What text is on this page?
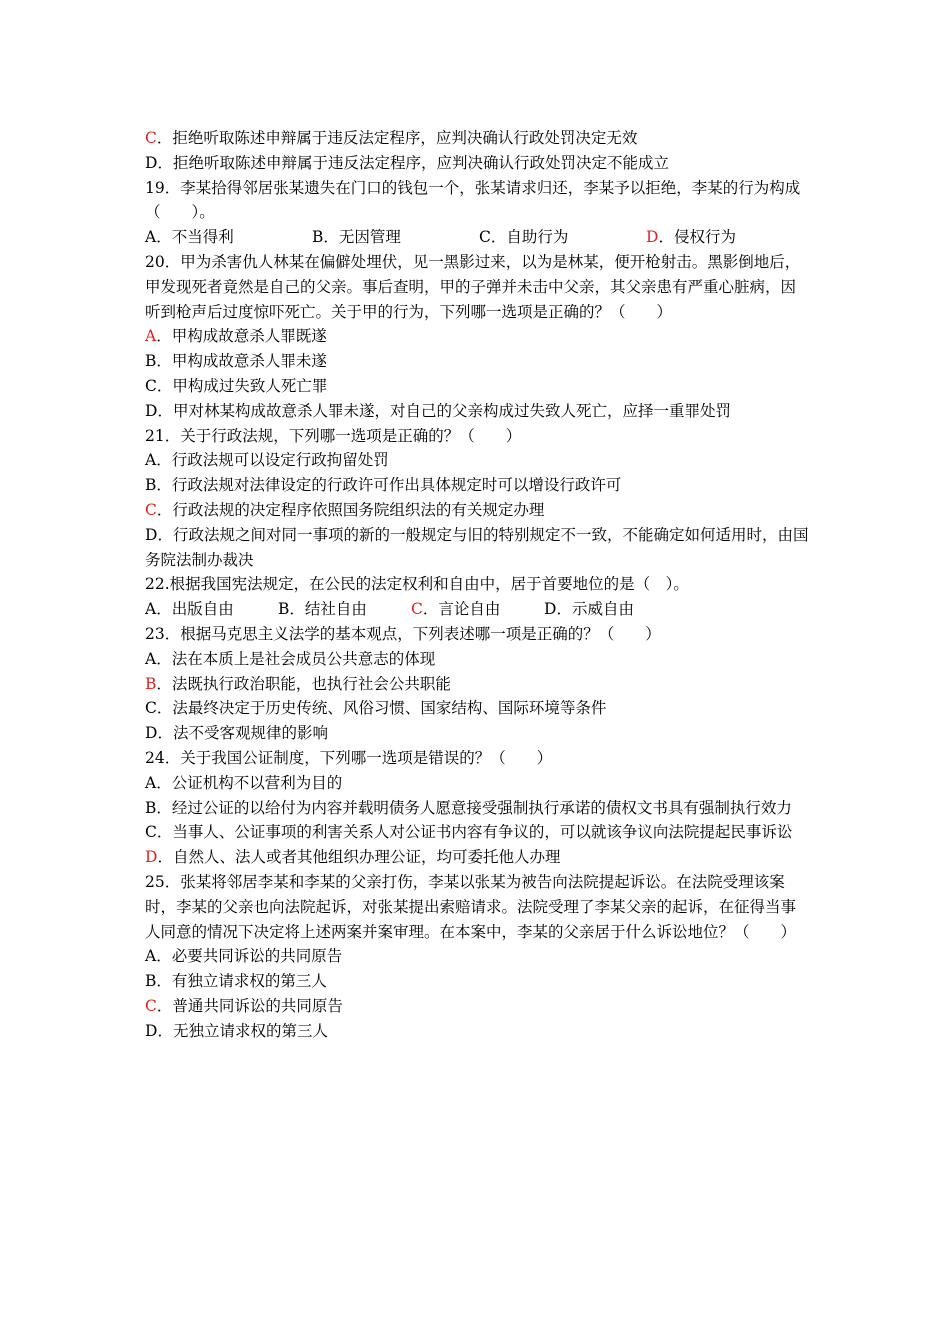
C．拒绝听取陈述申辩属于违反法定程序，应判决确认行政处罚决定无效
D．拒绝听取陈述申辩属于违反法定程序，应判决确认行政处罚决定不能成立
19．李某拾得邻居张某遗失在门口的钱包一个，张某请求归还，李某予以拒绝，李某的行为构成（　　）。
A．不当得利	B．无因管理	C．自助行为	D．侵权行为
20．甲为杀害仇人林某在偏僻处埋伏，见一黑影过来，以为是林某，便开枪射击。黑影倒地后，甲发现死者竟然是自己的父亲。事后查明，甲的子弹并未击中父亲，其父亲患有严重心脏病，因听到枪声后过度惊吓死亡。关于甲的行为，下列哪一选项是正确的？（　　）
A．甲构成故意杀人罪既遂
B．甲构成故意杀人罪未遂
C．甲构成过失致人死亡罪
D．甲对林某构成故意杀人罪未遂，对自己的父亲构成过失致人死亡，应择一重罪处罚
21．关于行政法规，下列哪一选项是正确的？（　　）
A．行政法规可以设定行政拘留处罚
B．行政法规对法律设定的行政许可作出具体规定时可以增设行政许可
C．行政法规的决定程序依照国务院组织法的有关规定办理
D．行政法规之间对同一事项的新的一般规定与旧的特别规定不一致，不能确定如何适用时，由国务院法制办裁决
22.根据我国宪法规定，在公民的法定权利和自由中，居于首要地位的是（　）。
A．出版自由	B．结社自由	C．言论自由	D．示威自由
23．根据马克思主义法学的基本观点，下列表述哪一项是正确的？（　　）
A．法在本质上是社会成员公共意志的体现
B．法既执行政治职能，也执行社会公共职能
C．法最终决定于历史传统、风俗习惯、国家结构、国际环境等条件
D．法不受客观规律的影响
24．关于我国公证制度，下列哪一选项是错误的？（　　）
A．公证机构不以营利为目的
B．经过公证的以给付为内容并载明债务人愿意接受强制执行承诺的债权文书具有强制执行效力
C．当事人、公证事项的利害关系人对公证书内容有争议的，可以就该争议向法院提起民事诉讼
D．自然人、法人或者其他组织办理公证，均可委托他人办理
25．张某将邻居李某和李某的父亲打伤，李某以张某为被告向法院提起诉讼。在法院受理该案时，李某的父亲也向法院起诉，对张某提出索赔请求。法院受理了李某父亲的起诉，在征得当事人同意的情况下决定将上述两案并案审理。在本案中，李某的父亲居于什么诉讼地位？（　　）
A．必要共同诉讼的共同原告
B．有独立请求权的第三人
C．普通共同诉讼的共同原告
D．无独立请求权的第三人
